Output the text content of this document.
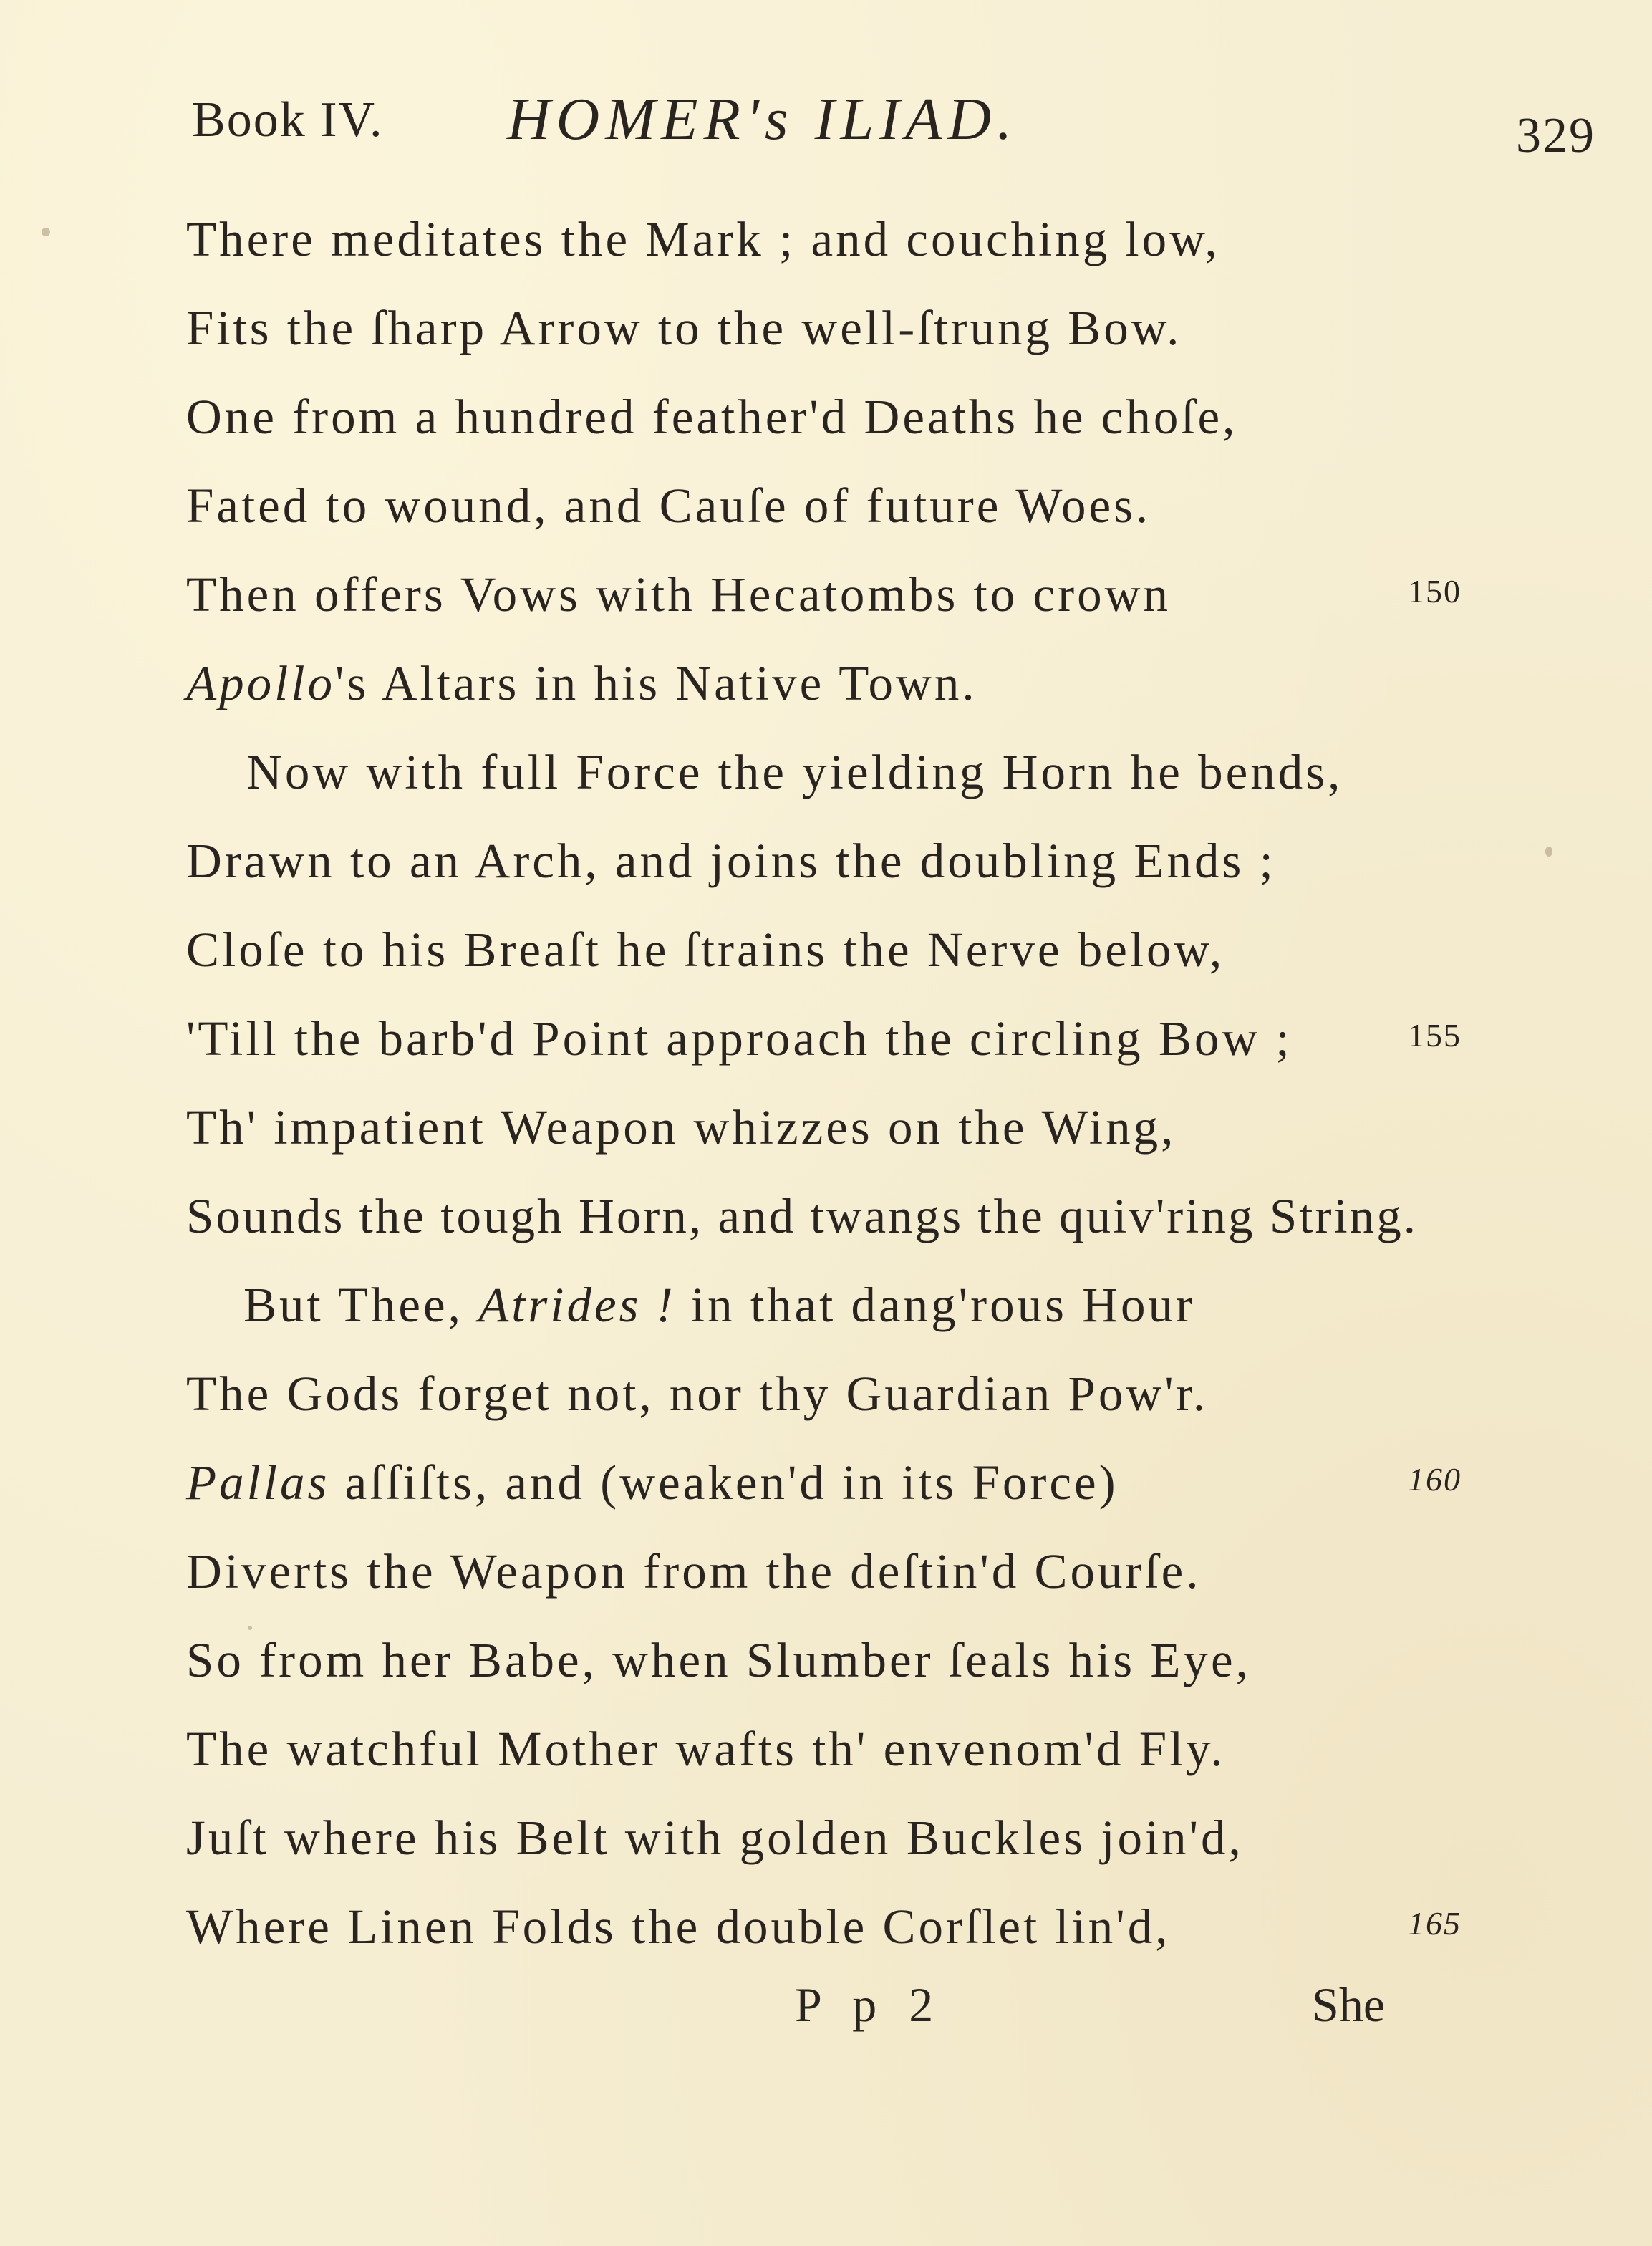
Book IV. HOMER's ILIAD.	329
There meditates the Mark ; and couching low,
Fits the ſharp Arrow to the well-ſtrung Bow.
One from a hundred feather'd Deaths he choſe,
Fated to wound, and Cauſe of future Woes.
Then offers Vows with Hecatombs to crown	150
Apollo's Altars in his Native Town.
Now with full Force the yielding Horn he bends,
Drawn to an Arch, and joins the doubling Ends ;
Cloſe to his Breaſt he ſtrains the Nerve below,
'Till the barb'd Point approach the circling Bow ;	155
Th' impatient Weapon whizzes on the Wing,
Sounds the tough Horn, and twangs the quiv'ring String.
But Thee, Atrides ! in that dang'rous Hour
The Gods forget not, nor thy Guardian Pow'r.
Pallas aſſiſts, and (weaken'd in its Force)	160
Diverts the Weapon from the deſtin'd Courſe.
So from her Babe, when Slumber ſeals his Eye,
The watchful Mother wafts th' envenom'd Fly.
Juſt where his Belt with golden Buckles join'd,
Where Linen Folds the double Corſlet lin'd,	165
P p 2	She
